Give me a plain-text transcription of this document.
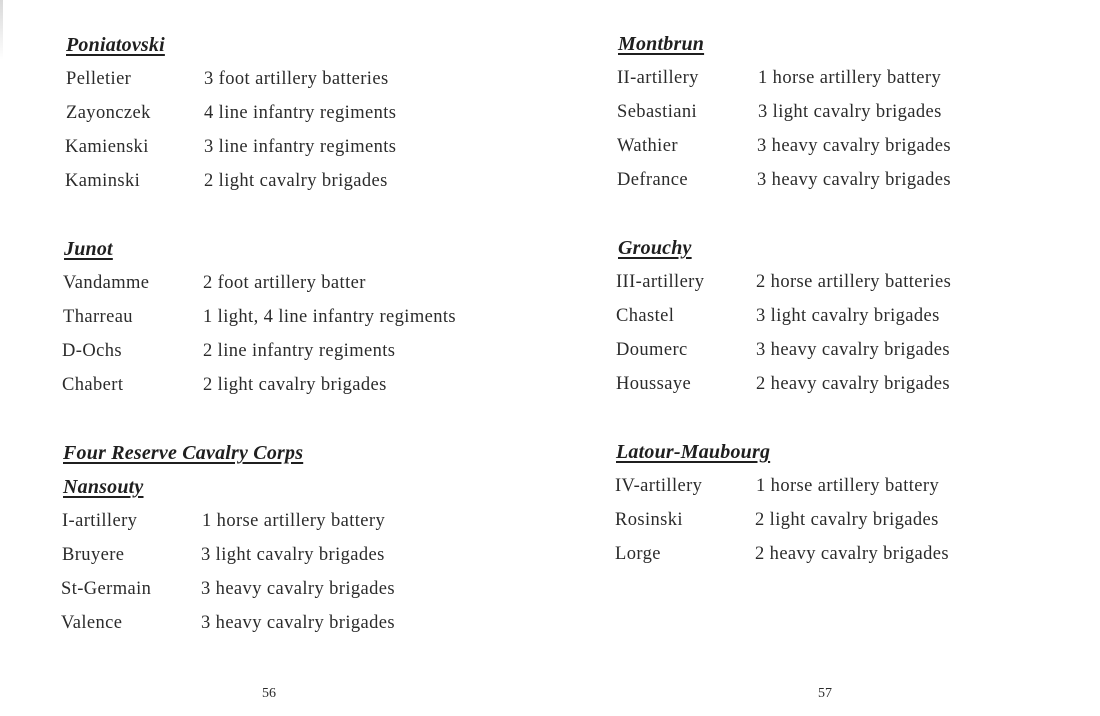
Poniatovski
Pelletier	3 foot artillery batteries
Zayonczek	4 line infantry regiments
Kamienski	3 line infantry regiments
Kaminski	2 light cavalry brigades
Junot
Vandamme	2 foot artillery batter
Tharreau	1 light, 4 line infantry regiments
D-Ochs	2 line infantry regiments
Chabert	2 light cavalry brigades
Four Reserve Cavalry Corps
Nansouty
I-artillery	1 horse artillery battery
Bruyere	3 light cavalry brigades
St-Germain	3 heavy cavalry brigades
Valence	3 heavy cavalry brigades
56
Montbrun
II-artillery	1 horse artillery battery
Sebastiani	3 light cavalry brigades
Wathier	3 heavy cavalry brigades
Defrance	3 heavy cavalry brigades
Grouchy
III-artillery	2 horse artillery batteries
Chastel	3 light cavalry brigades
Doumerc	3 heavy cavalry brigades
Houssaye	2 heavy cavalry brigades
Latour-Maubourg
IV-artillery	1 horse artillery battery
Rosinski	2 light cavalry brigades
Lorge	2 heavy cavalry brigades
57
